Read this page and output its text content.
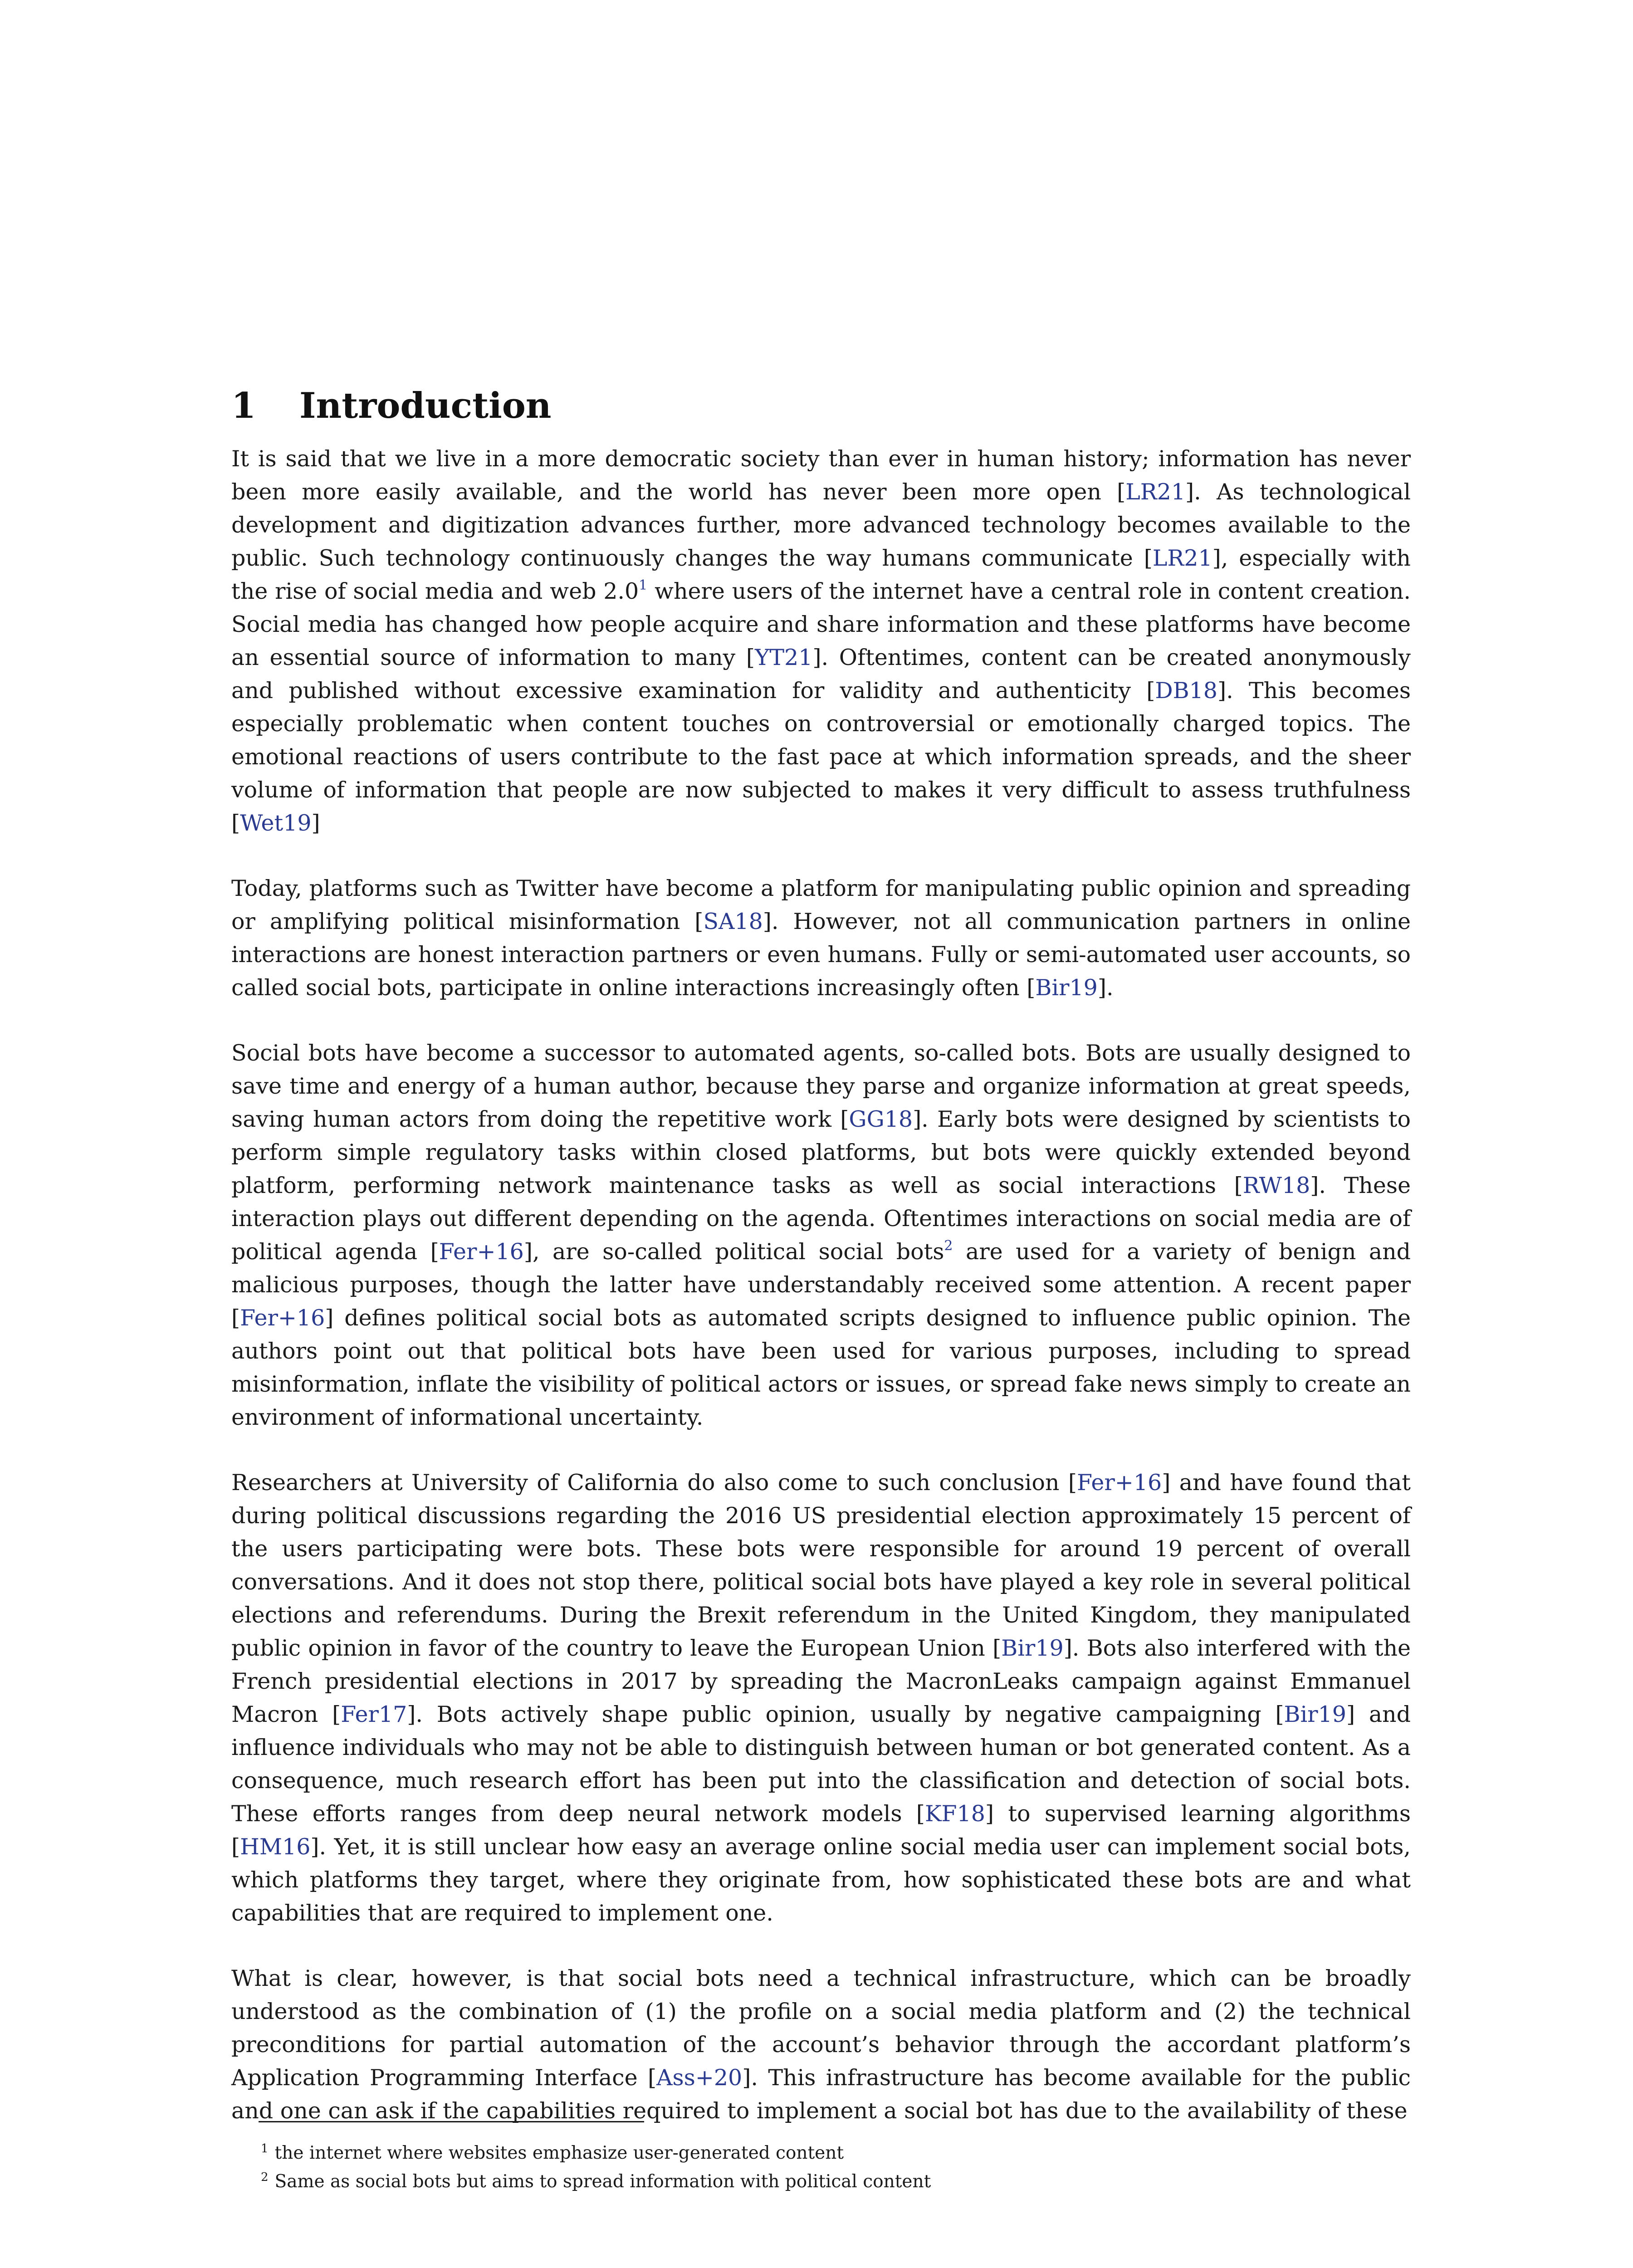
1 Introduction

It is said that we live in a more democratic society than ever in human history; information has never been more easily available, and the world has never been more open [LR21]. As technological development and digitization advances further, more advanced technology becomes available to the public. Such technology continuously changes the way humans communicate [LR21], especially with the rise of social media and web 2.0$^1$ where users of the internet have a central role in content creation. Social media has changed how people acquire and share information and these platforms have become an essential source of information to many [YT21]. Oftentimes, content can be created anonymously and published without excessive examination for validity and authenticity [DB18]. This becomes especially problematic when content touches on controversial or emotionally charged topics. The emotional reactions of users contribute to the fast pace at which information spreads, and the sheer volume of information that people are now subjected to makes it very difficult to assess truthfulness [Wet19]

Today, platforms such as Twitter have become a platform for manipulating public opinion and spreading or amplifying political misinformation [SA18]. However, not all communication partners in online interactions are honest interaction partners or even humans. Fully or semi-automated user accounts, so called social bots, participate in online interactions increasingly often [Bir19].

Social bots have become a successor to automated agents, so-called bots. Bots are usually designed to save time and energy of a human author, because they parse and organize information at great speeds, saving human actors from doing the repetitive work [GG18]. Early bots were designed by scientists to perform simple regulatory tasks within closed platforms, but bots were quickly extended beyond platform, performing network maintenance tasks as well as social interactions [RW18]. These interaction plays out different depending on the agenda. Oftentimes interactions on social media are of political agenda [Fer+16], are so-called political social bots$^2$ are used for a variety of benign and malicious purposes, though the latter have understandably received some attention. A recent paper [Fer+16] defines political social bots as automated scripts designed to influence public opinion. The authors point out that political bots have been used for various purposes, including to spread misinformation, inflate the visibility of political actors or issues, or spread fake news simply to create an environment of informational uncertainty.

Researchers at University of California do also come to such conclusion [Fer+16] and have found that during political discussions regarding the 2016 US presidential election approximately 15 percent of the users participating were bots. These bots were responsible for around 19 percent of overall conversations. And it does not stop there, political social bots have played a key role in several political elections and referendums. During the Brexit referendum in the United Kingdom, they manipulated public opinion in favor of the country to leave the European Union [Bir19]. Bots also interfered with the French presidential elections in 2017 by spreading the MacronLeaks campaign against Emmanuel Macron [Fer17]. Bots actively shape public opinion, usually by negative campaigning [Bir19] and influence individuals who may not be able to distinguish between human or bot generated content. As a consequence, much research effort has been put into the classification and detection of social bots. These efforts ranges from deep neural network models [KF18] to supervised learning algorithms [HM16]. Yet, it is still unclear how easy an average online social media user can implement social bots, which platforms they target, where they originate from, how sophisticated these bots are and what capabilities that are required to implement one.

What is clear, however, is that social bots need a technical infrastructure, which can be broadly understood as the combination of (1) the profile on a social media platform and (2) the technical preconditions for partial automation of the account’s behavior through the accordant platform’s Application Programming Interface [Ass+20]. This infrastructure has become available for the public and one can ask if the capabilities required to implement a social bot has due to the availability of these

$^1$ the internet where websites emphasize user-generated content

$^2$ Same as social bots but aims to spread information with political content
